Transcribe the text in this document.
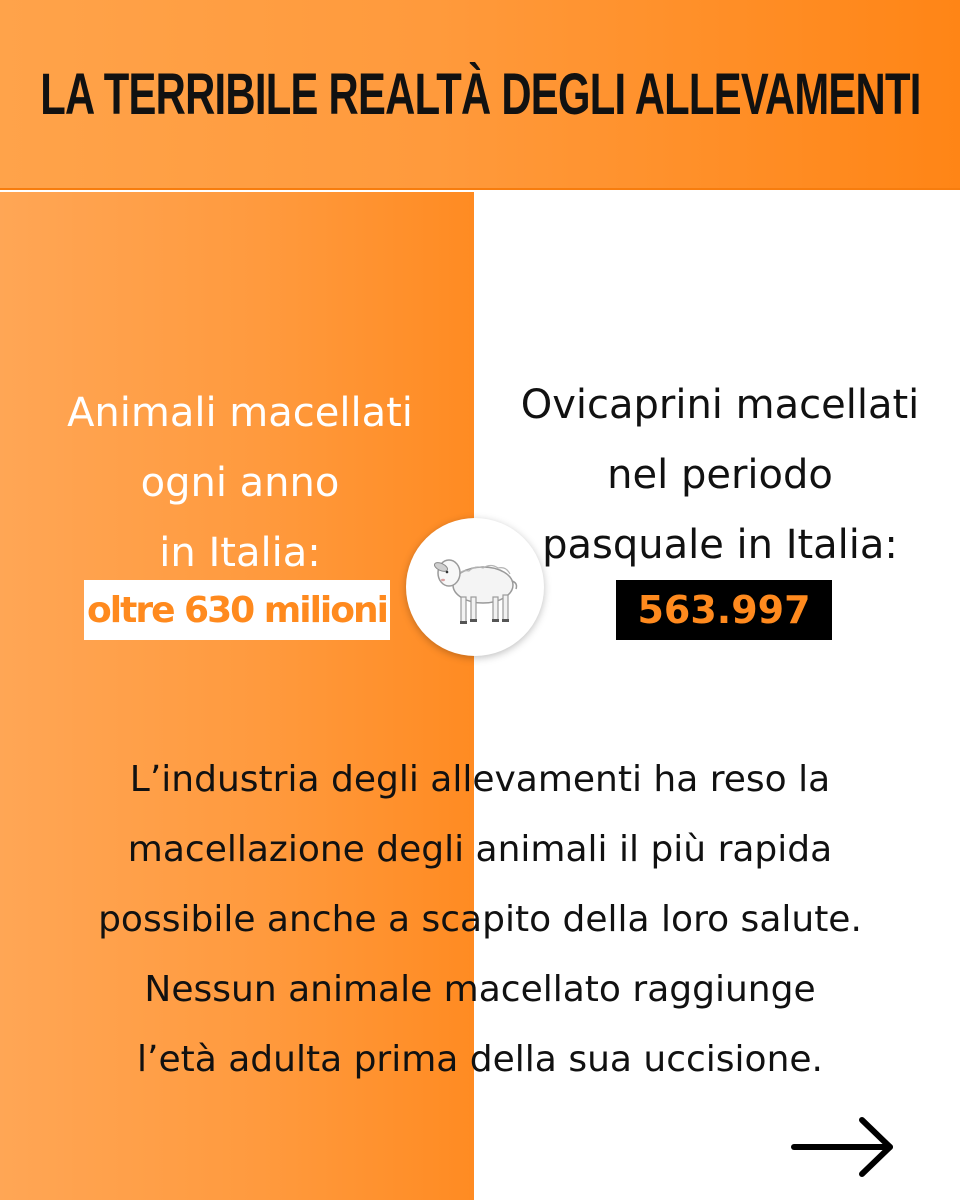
LA TERRIBILE REALTÀ DEGLI ALLEVAMENTI
Animali macellati
ogni anno
in Italia:
oltre 630 milioni
Ovicaprini macellati
nel periodo
pasquale in Italia:
563.997
L’industria degli allevamenti ha reso la
macellazione degli animali il più rapida
possibile anche a scapito della loro salute.
Nessun animale macellato raggiunge
l’età adulta prima della sua uccisione.
